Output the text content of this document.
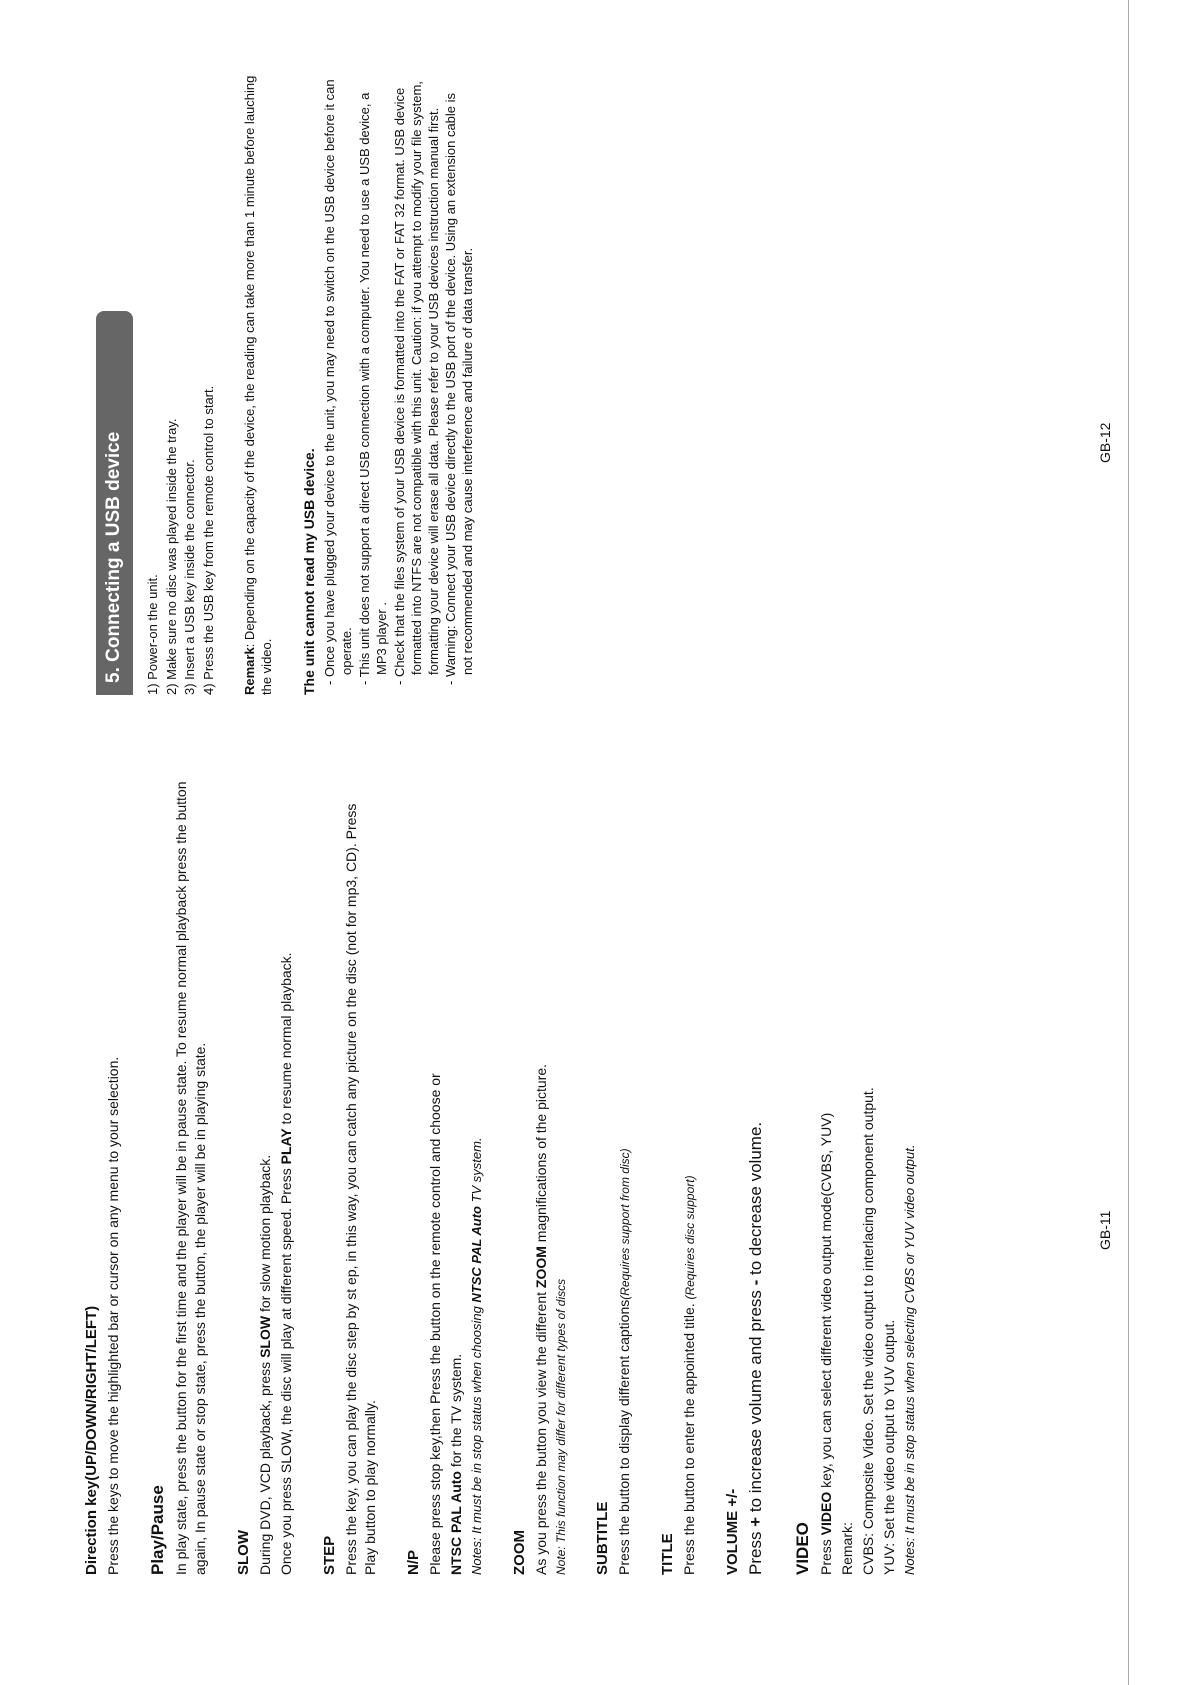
Direction key(UP/DOWN/RIGHT/LEFT) Press the keys to move the highlighted bar or cursor on any menu to your selection. Play/Pause In play state, press the button for the first time and the player will be in pause state. To resume normal playback press the button again, In pause state or stop state, press the button, the player will be in playing state. SLOW During DVD, VCD playback, press SLOW for slow motion playback. Once you press SLOW, the disc will play at different speed. Press PLAY to resume normal playback.

STEP Press the key, you can play the disc step by st ep, in this way, you can catch any picture on the disc (not for mp3, CD). Press Play button to play normally. N/P Please press stop key,then Press the button on the remote control and choose or NTSC PAL Auto for the TV system. Notes: It must be in stop status when choosing NTSC PAL Auto TV system.

ZOOM As you press the button you view the different ZOOM magnifications of the picture.

Note: This function may differ for different types of discs SUBTITLE Press the button to display different captions(Requires support from disc)

TITLE Press the button to enter the appointed title. (Requires disc support)

VOLUME +/- Press + to increase volume and press - to decrease volume.

VIDEO Press VIDEO key, you can select different video output mode(CVBS, YUV)

Remark: CVBS: Composite Video. Set the video output to interlacing component output. YUV: Set the video output to YUV output. Notes: It must be in stop status when selecting CVBS or YUV video output.

5. Connecting a USB device	1) Power-on the unit. 2) Make sure no disc was played inside the tray. 3) Insert a USB key inside the connector. 4) Press the USB key from the remote control to start. Remark: Depending on the capacity of the device, the reading can take more than 1 minute before lauching the video. The unit cannot read my USB device. - Once you have plugged your device to the unit, you may need to switch on the USB device before it can operate. - This unit does not support a direct USB connection with a computer. You need to use a USB device, a MP3 player . - Check that the files system of your USB device is formatted into the FAT or FAT 32 format. USB device formatted into NTFS are not compatible with this unit. Caution: if you attempt to modify your file system, formatting your device will erase all data. Please refer to your USB devices instruction manual first. - Warning: Connect your USB device directly to the USB port of the device. Using an extension cable is not recommended and may cause interference and failure of data transfer.
GB-11
GB-12
